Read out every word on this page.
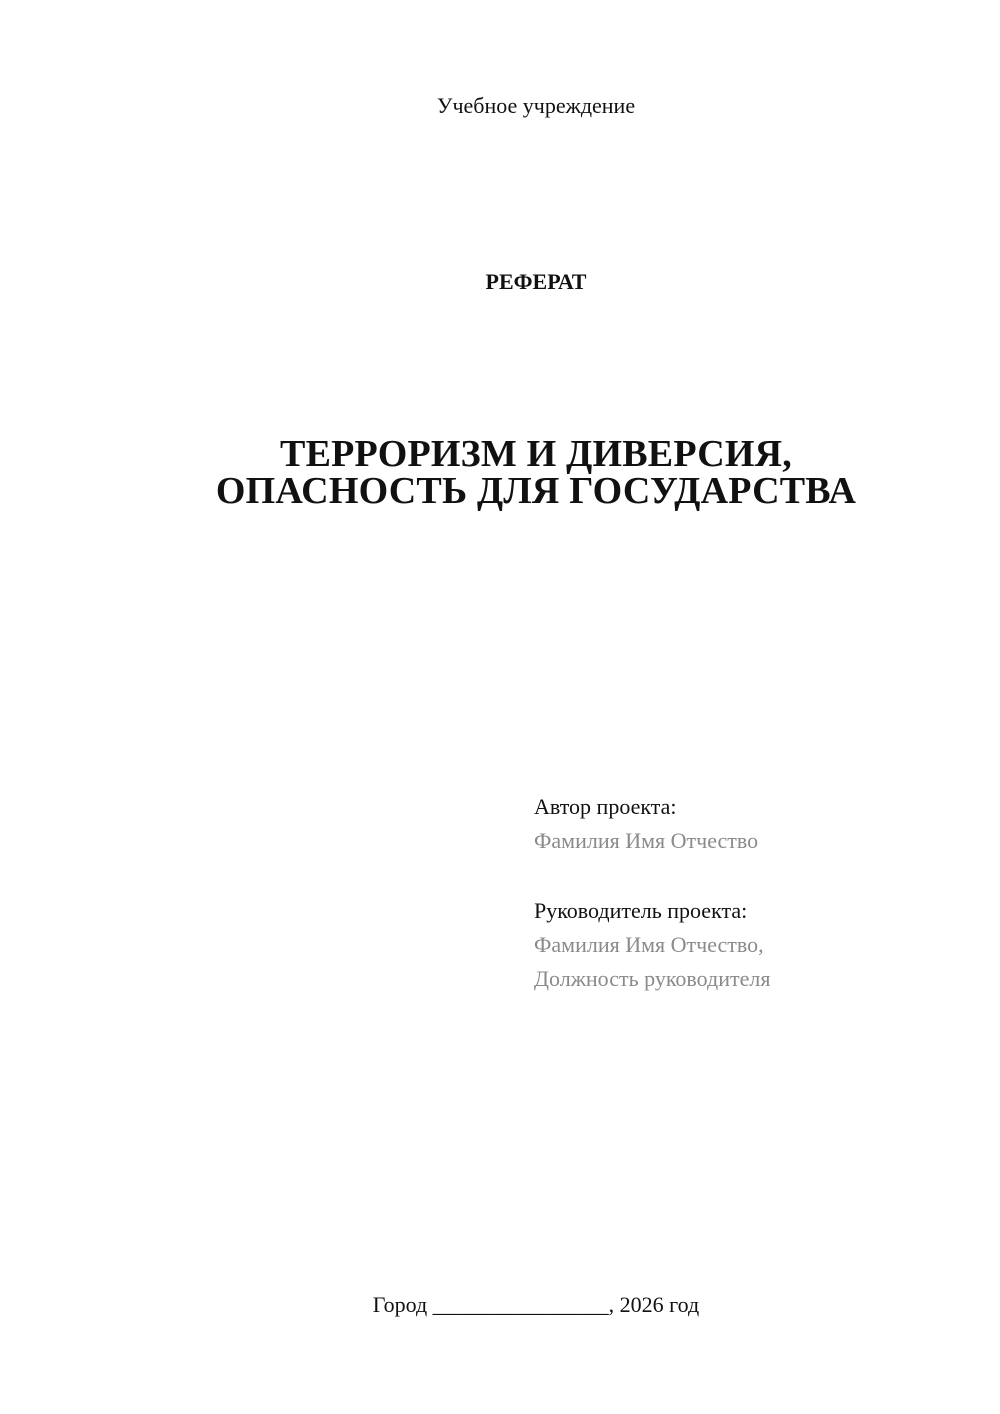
Учебное учреждение
РЕФЕРАТ
ТЕРРОРИЗМ И ДИВЕРСИЯ,
ОПАСНОСТЬ ДЛЯ ГОСУДАРСТВА
Автор проекта:
Фамилия Имя Отчество
Руководитель проекта:
Фамилия Имя Отчество,
Должность руководителя
Город ________________, 2026 год
